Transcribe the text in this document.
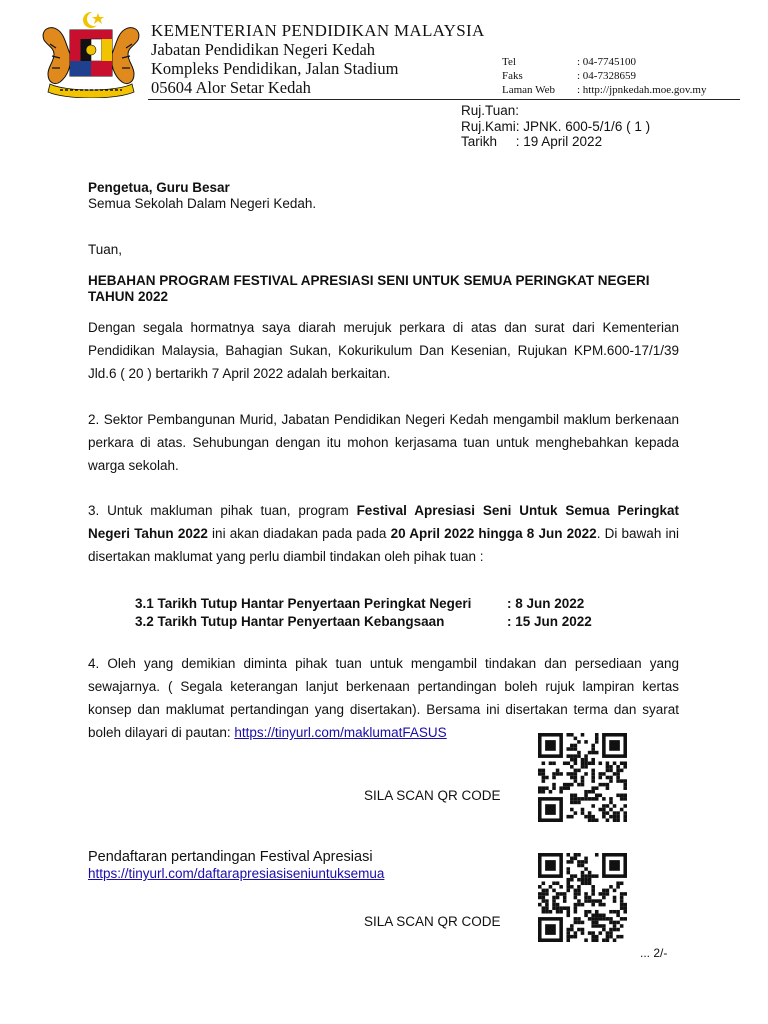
KEMENTERIAN PENDIDIKAN MALAYSIA
Jabatan Pendidikan Negeri Kedah
Kompleks Pendidikan, Jalan Stadium
05604 Alor Setar Kedah
Tel	: 04-7745100
Faks	: 04-7328659
Laman Web : http://jpnkedah.moe.gov.my
Ruj.Tuan:
Ruj.Kami: JPNK. 600-5/1/6 ( 1 )
Tarikh     : 19 April 2022
Pengetua, Guru Besar
Semua Sekolah Dalam Negeri Kedah.
Tuan,
HEBAHAN PROGRAM FESTIVAL APRESIASI SENI UNTUK SEMUA PERINGKAT NEGERI
TAHUN 2022

Dengan segala hormatnya saya diarah merujuk perkara di atas dan surat dari Kementerian Pendidikan Malaysia, Bahagian Sukan, Kokurikulum Dan Kesenian, Rujukan KPM.600-17/1/39 Jld.6 ( 20 ) bertarikh 7 April 2022 adalah berkaitan.

2. Sektor Pembangunan Murid, Jabatan Pendidikan Negeri Kedah mengambil maklum berkenaan perkara di atas. Sehubungan dengan itu mohon kerjasama tuan untuk menghebahkan kepada warga sekolah.

3. Untuk makluman pihak tuan, program Festival Apresiasi Seni Untuk Semua Peringkat Negeri Tahun 2022 ini akan diadakan pada pada 20 April 2022 hingga 8 Jun 2022. Di bawah ini disertakan maklumat yang perlu diambil tindakan oleh pihak tuan :

3.1 Tarikh Tutup Hantar Penyertaan Peringkat Negeri	: 8 Jun 2022
3.2 Tarikh Tutup Hantar Penyertaan Kebangsaan	: 15 Jun 2022

4. Oleh yang demikian diminta pihak tuan untuk mengambil tindakan dan persediaan yang sewajarnya. ( Segala keterangan lanjut berkenaan pertandingan boleh rujuk lampiran kertas konsep dan maklumat pertandingan yang disertakan). Bersama ini disertakan terma dan syarat boleh dilayari di pautan: https://tinyurl.com/maklumatFASUS

SILA SCAN QR CODE
Pendaftaran pertandingan Festival Apresiasi
https://tinyurl.com/daftarapresiasiseniuntuksemua
SILA SCAN QR CODE
... 2/-
